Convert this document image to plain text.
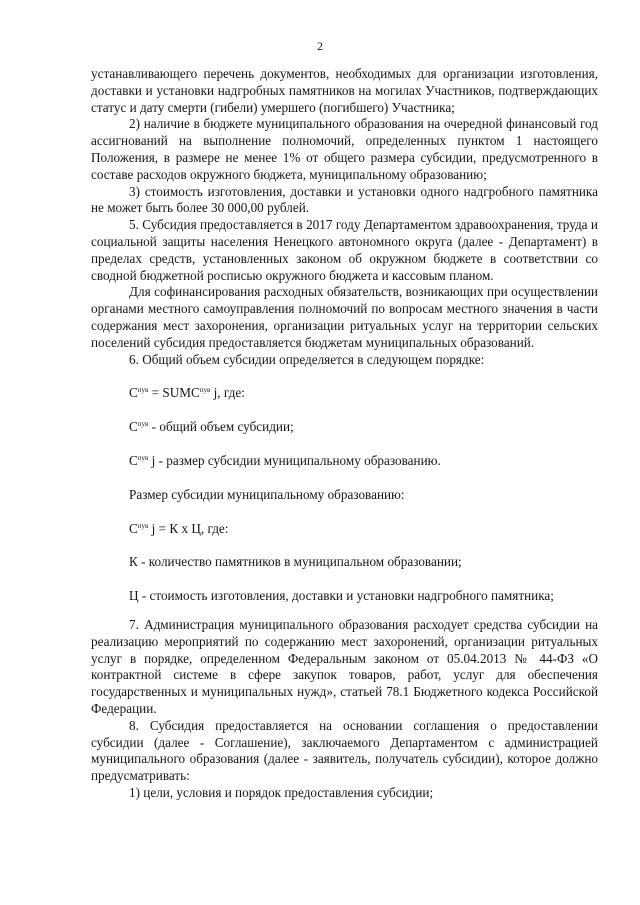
2

устанавливающего перечень документов, необходимых для организации изготовления, доставки и установки надгробных памятников на могилах Участников, подтверждающих статус и дату смерти (гибели) умершего (погибшего) Участника;

2) наличие в бюджете муниципального образования на очередной финансовый год ассигнований на выполнение полномочий, определенных пунктом 1 настоящего Положения, в размере не менее 1% от общего размера субсидии, предусмотренного в составе расходов окружного бюджета, муниципальному образованию;

3) стоимость изготовления, доставки и установки одного надгробного памятника не может быть более 30 000,00 рублей.

5. Субсидия предоставляется в 2017 году Департаментом здравоохранения, труда и социальной защиты населения Ненецкого автономного округа (далее - Департамент) в пределах средств, установленных законом об окружном бюджете в соответствии со сводной бюджетной росписью окружного бюджета и кассовым планом.

Для софинансирования расходных обязательств, возникающих при осуществлении органами местного самоуправления полномочий по вопросам местного значения в части содержания мест захоронения, организации ритуальных услуг на территории сельских поселений субсидия предоставляется бюджетам муниципальных образований.

6. Общий объем субсидии определяется в следующем порядке:

$С^{пув}$ = $SUMC^{пув}$ j, где:

$С^{пув}$ - общий объем субсидии;

$С^{пув}$ j - размер субсидии муниципальному образованию.

Размер субсидии муниципальному образованию:

$С^{пув}$ j = К х Ц, где:

К - количество памятников в муниципальном образовании;

Ц - стоимость изготовления, доставки и установки надгробного памятника;

7. Администрация муниципального образования расходует средства субсидии на реализацию мероприятий по содержанию мест захоронений, организации ритуальных услуг в порядке, определенном Федеральным законом от 05.04.2013 № 44-ФЗ «О контрактной системе в сфере закупок товаров, работ, услуг для обеспечения государственных и муниципальных нужд», статьей 78.1 Бюджетного кодекса Российской Федерации.

8. Субсидия предоставляется на основании соглашения о предоставлении субсидии (далее - Соглашение), заключаемого Департаментом с администрацией муниципального образования (далее - заявитель, получатель субсидии), которое должно предусматривать:

1) цели, условия и порядок предоставления субсидии;
